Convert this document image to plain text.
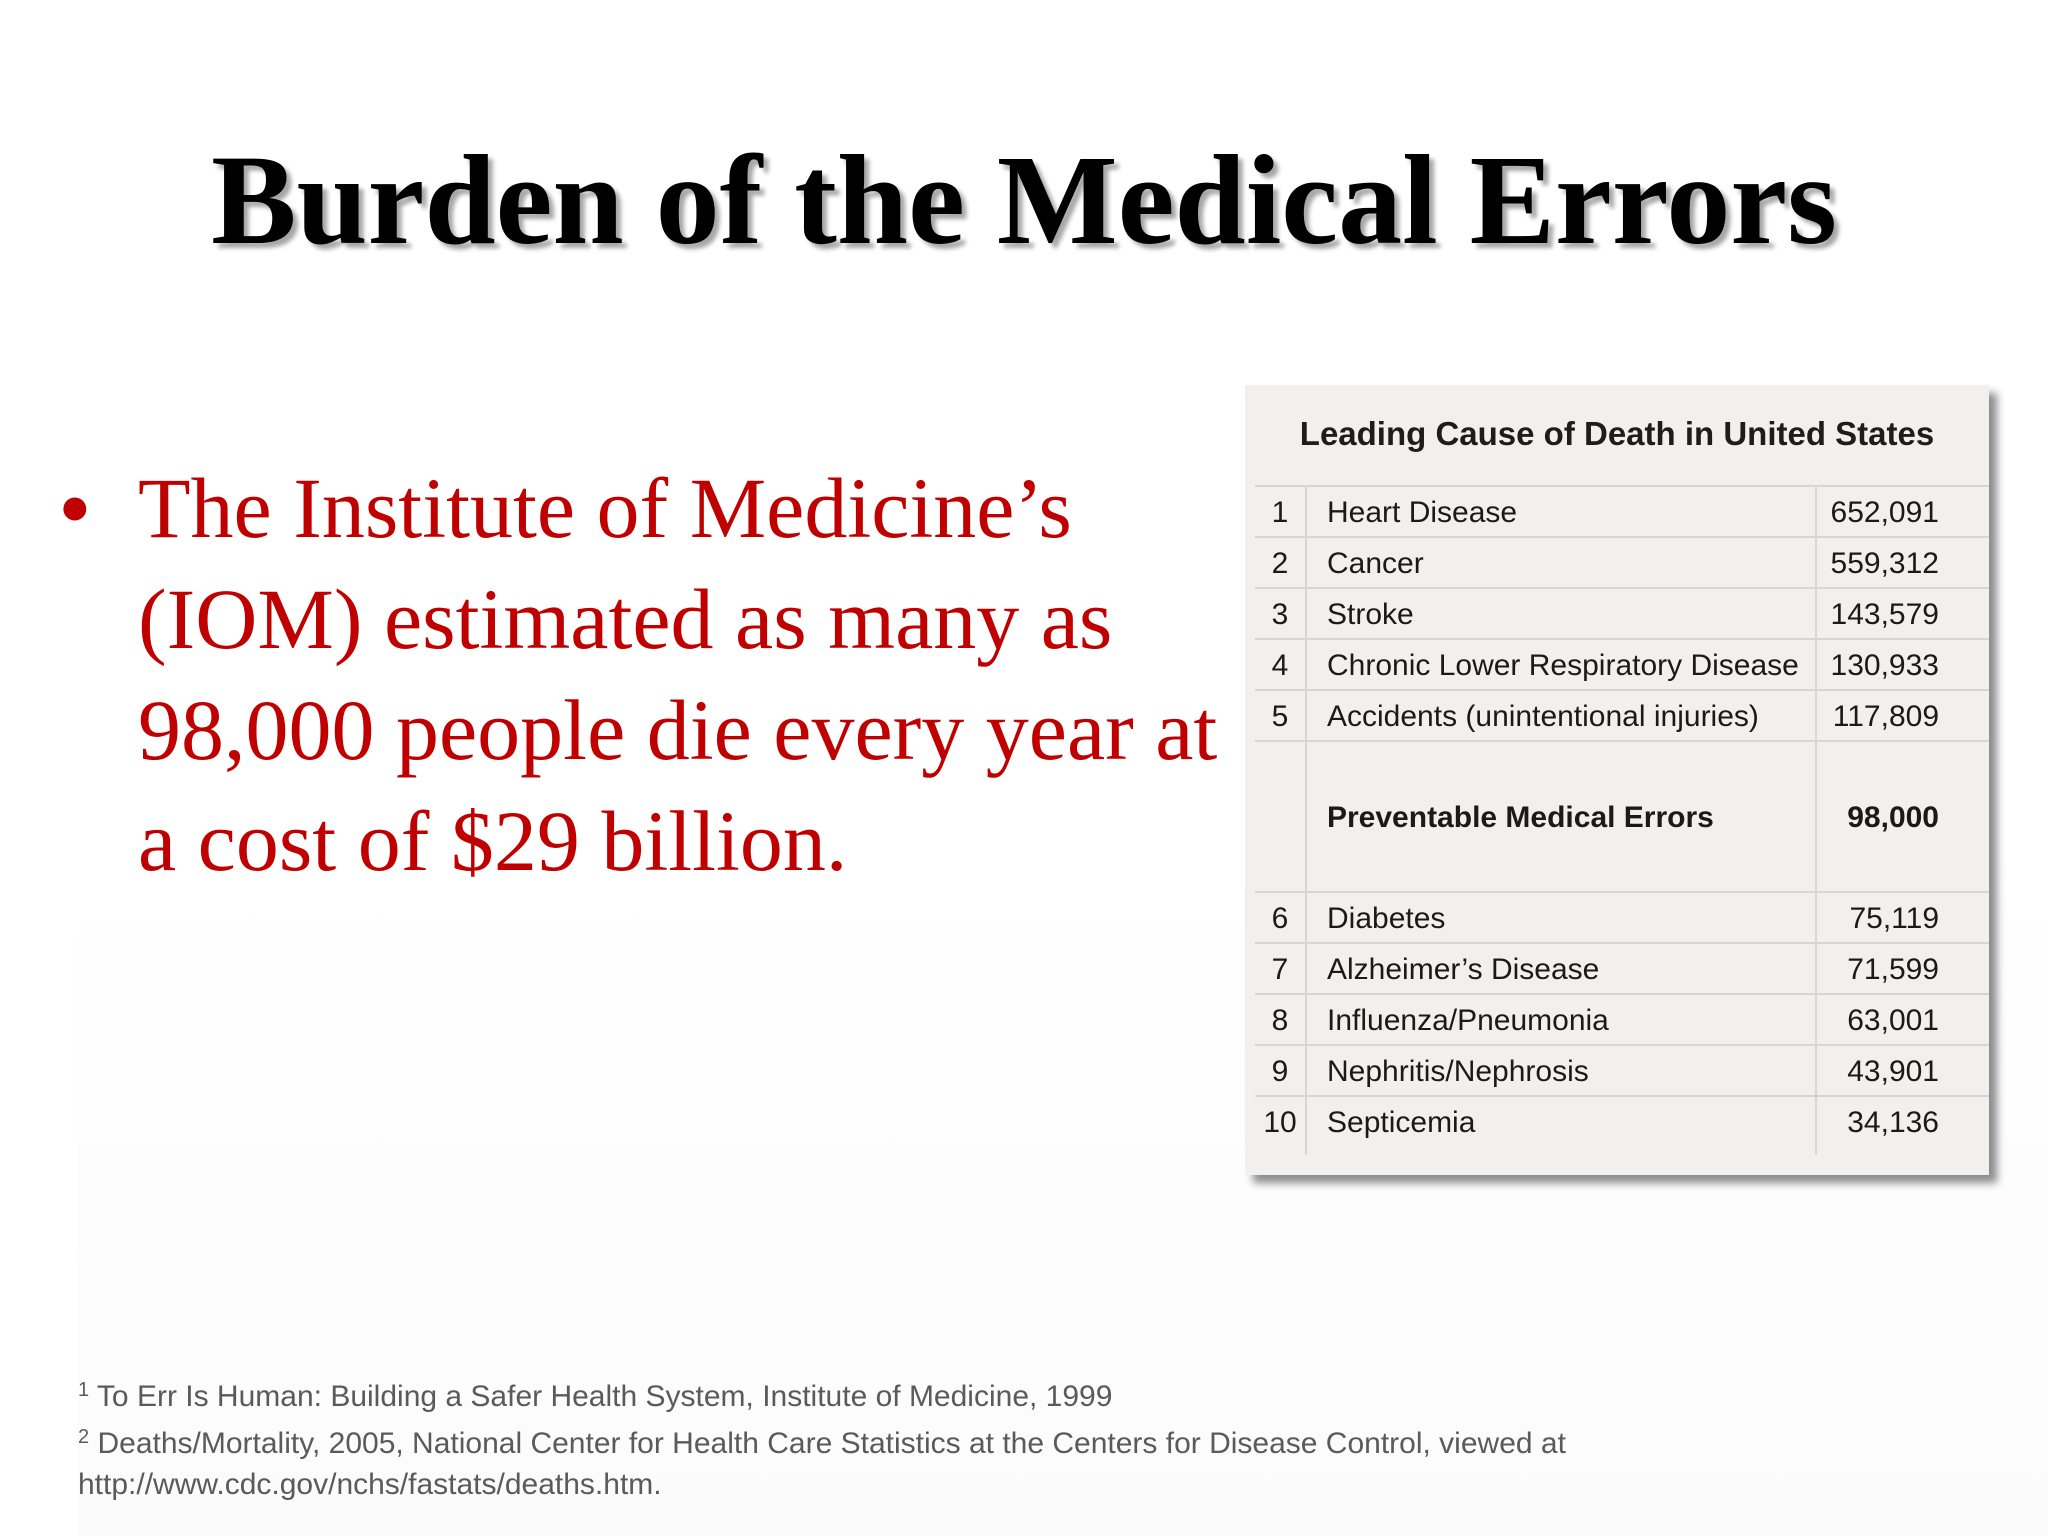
Burden of the Medical Errors
• The Institute of Medicine’s (IOM) estimated as many as 98,000 people die every year at a cost of $29 billion.
Leading Cause of Death in United States
1	Heart Disease	652,091
2	Cancer	559,312
3	Stroke	143,579
4	Chronic Lower Respiratory Disease 130,933
5	Accidents (unintentional injuries) 117,809
Preventable Medical Errors	98,000
6	Diabetes	75,119
7	Alzheimer’s Disease	71,599
8	Influenza/Pneumonia	63,001
9	Nephritis/Nephrosis	43,901
10 Septicemia	34,136
$^1$ To Err Is Human: Building a Safer Health System, Institute of Medicine, 1999
$^2$ Deaths/Mortality, 2005, National Center for Health Care Statistics at the Centers for Disease Control, viewed at
http://www.cdc.gov/nchs/fastats/deaths.htm.
